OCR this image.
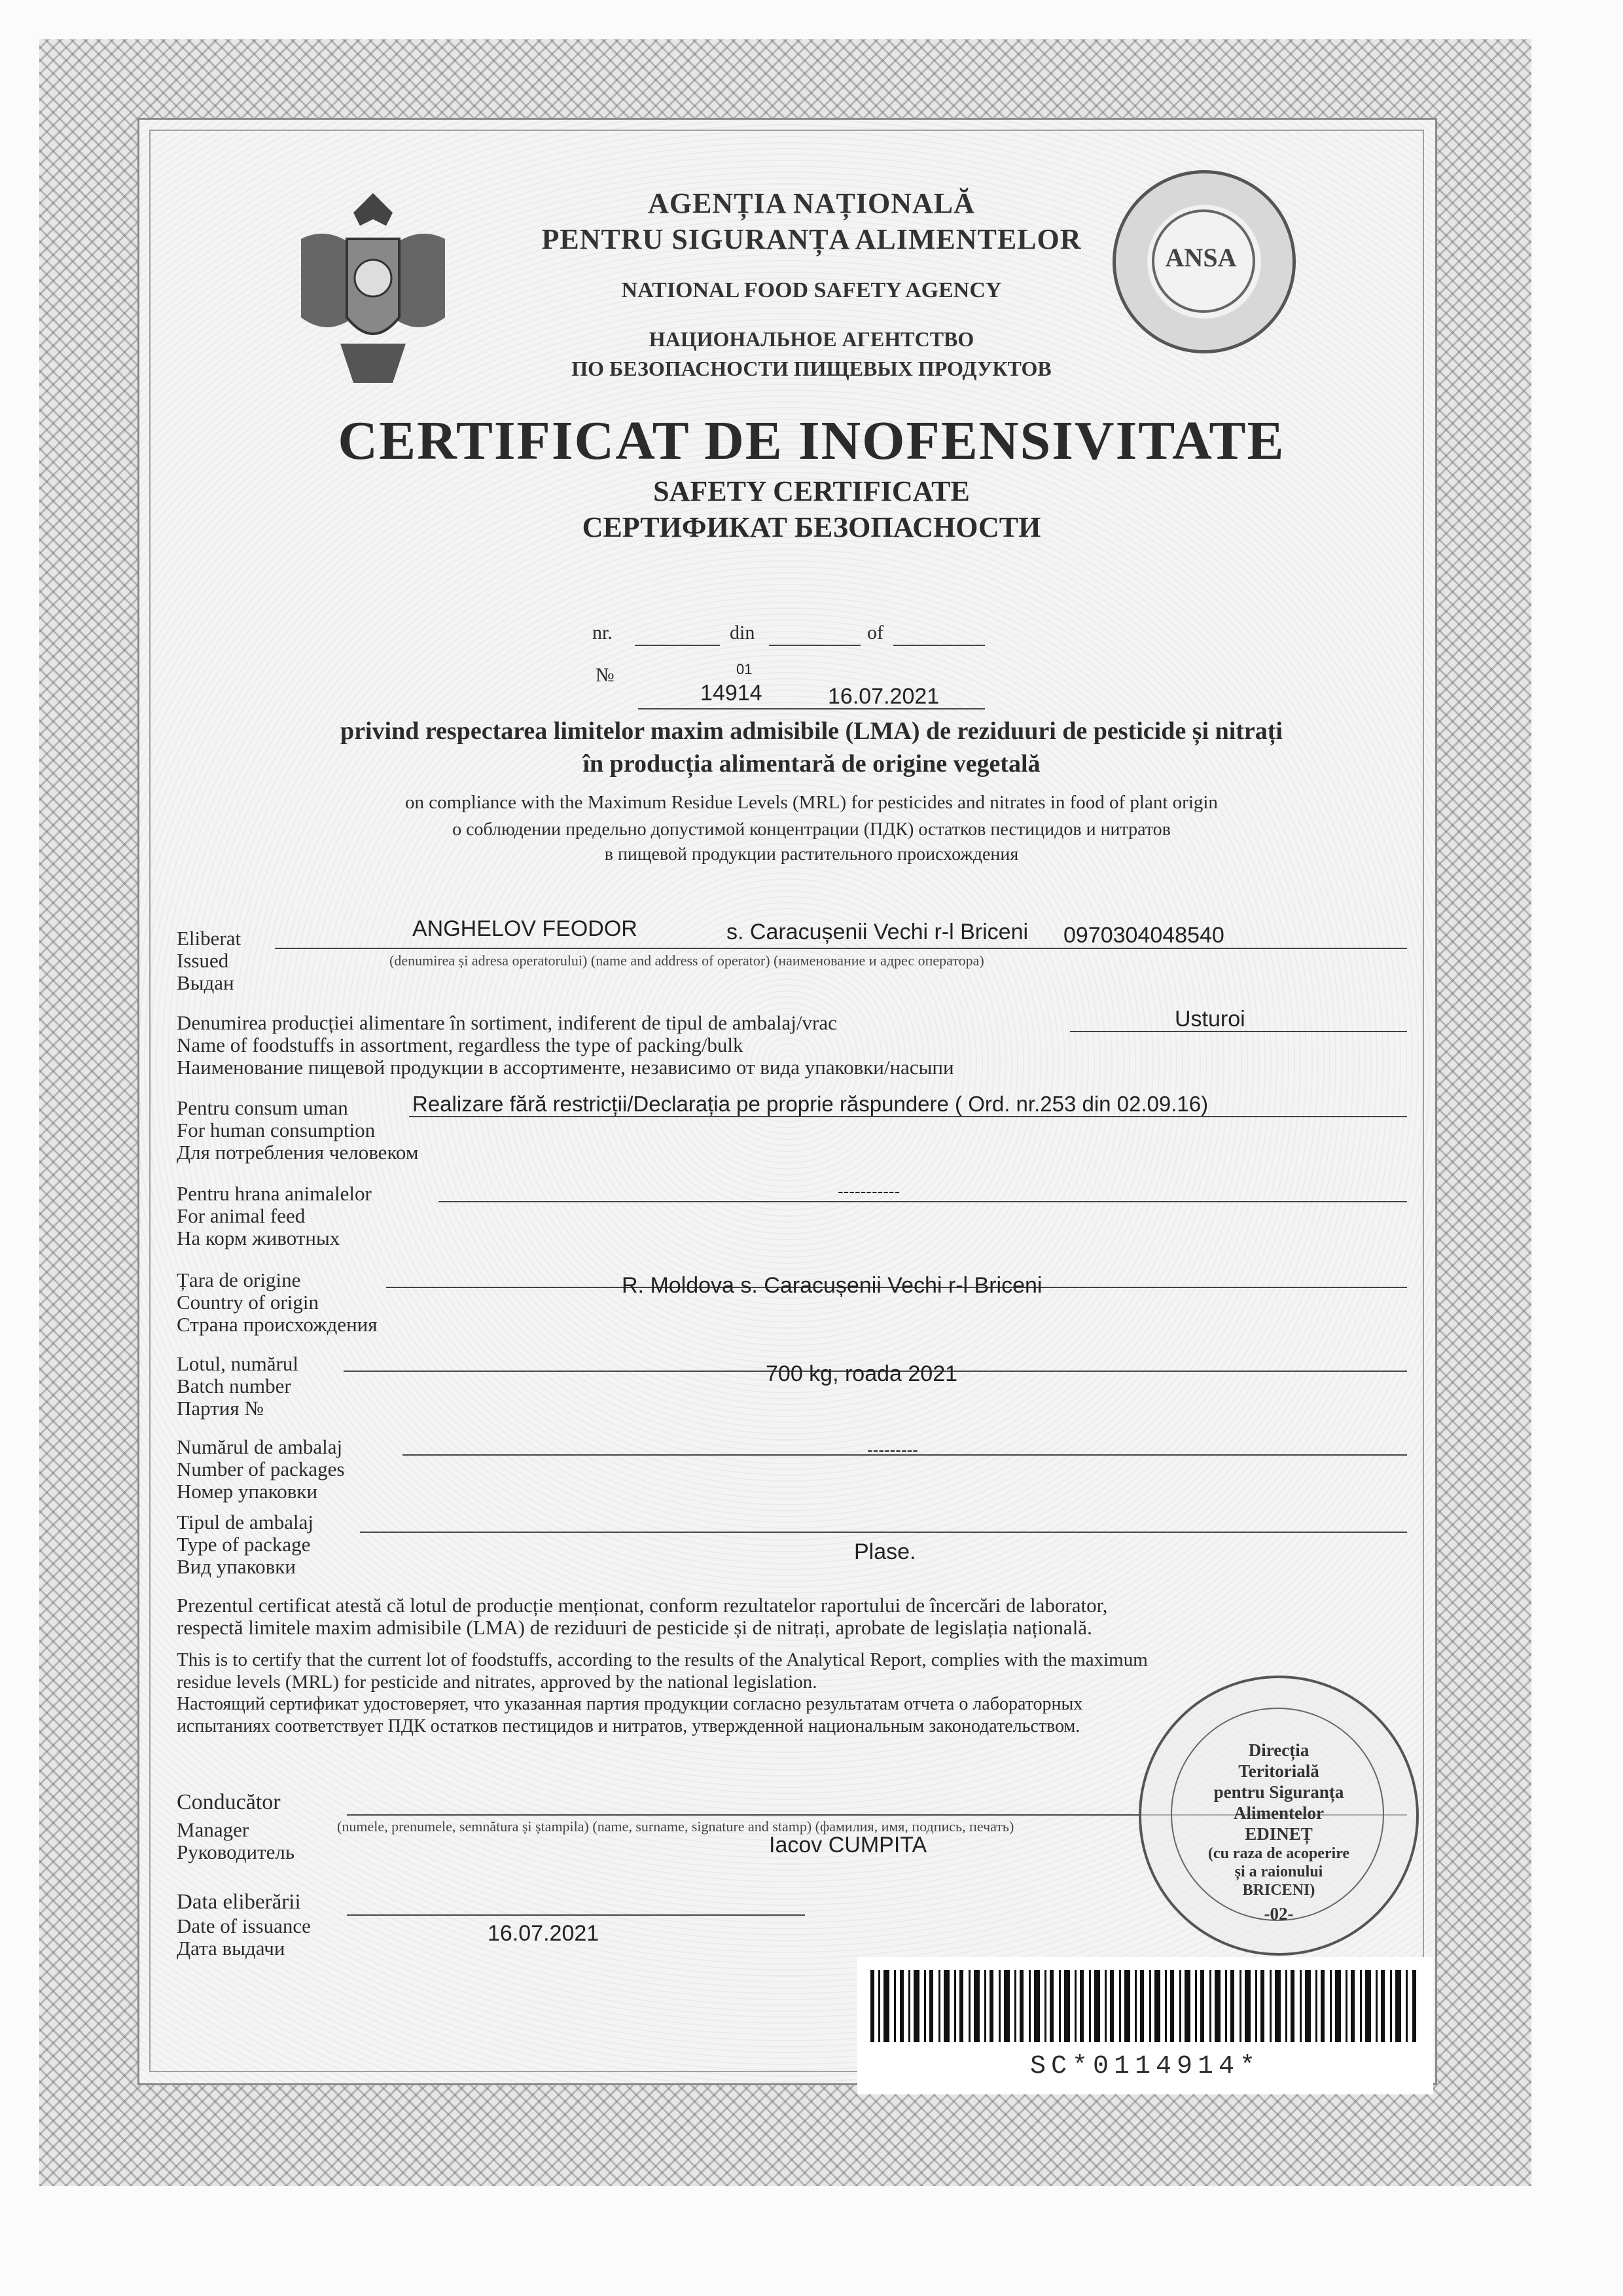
ANSA
AGENȚIA NAȚIONALĂ
PENTRU SIGURANȚA ALIMENTELOR
NATIONAL FOOD SAFETY AGENCY
НАЦИОНАЛЬНОЕ АГЕНТСТВО
ПО БЕЗОПАСНОСТИ ПИЩЕВЫХ ПРОДУКТОВ
CERTIFICAT DE INOFENSIVITATE
SAFETY CERTIFICATE
СЕРТИФИКАТ БЕЗОПАСНОСТИ
nr.	din	of
№	01
14914	16.07.2021
privind respectarea limitelor maxim admisibile (LMA) de reziduuri de pesticide și nitrați
în producția alimentară de origine vegetală
on compliance with the Maximum Residue Levels (MRL) for pesticides and nitrates in food of plant origin
о соблюдении предельно допустимой концентрации (ПДК) остатков пестицидов и нитратов
в пищевой продукции растительного происхождения
Eliberat
Issued
Выдан
ANGHELOV FEODOR	s. Caracușenii Vechi r-l Briceni 0970304048540
(denumirea și adresa operatorului) (name and address of operator) (наименование и адрес оператора)
Denumirea producției alimentare în sortiment, indiferent de tipul de ambalaj/vrac
Name of foodstuffs in assortment, regardless the type of packing/bulk
Наименование пищевой продукции в ассортименте, независимо от вида упаковки/насыпи
Usturoi
Pentru consum uman
For human consumption
Для потребления человеком
Realizare fără restricții/Declarația pe proprie răspundere ( Ord. nr.253 din 02.09.16)
Pentru hrana animalelor
For animal feed
На корм животных
-----------
Țara de origine
Country of origin
Страна происхождения
R. Moldova s. Caracușenii Vechi r-l Briceni
Lotul, numărul
Batch number
Партия №
700 kg, roada 2021
Numărul de ambalaj
Number of packages
Номер упаковки
---------
Tipul de ambalaj
Type of package
Вид упаковки
Plase.
Prezentul certificat atestă că lotul de producție menționat, conform rezultatelor raportului de încercări de laborator,
respectă limitele maxim admisibile (LMA) de reziduuri de pesticide și de nitrați, aprobate de legislația națională.
This is to certify that the current lot of foodstuffs, according to the results of the Analytical Report, complies with the maximum
residue levels (MRL) for pesticide and nitrates, approved by the national legislation.
Настоящий сертификат удостоверяет, что указанная партия продукции согласно результатам отчета о лабораторных
испытаниях соответствует ПДК остатков пестицидов и нитратов, утвержденной национальным законодательством.
Conducător
Manager
Руководитель
(numele, prenumele, semnătura și ștampila) (name, surname, signature and stamp) (фамилия, имя, подпись, печать)
Iacov CUMPITA
Data eliberării
Date of issuance
Дата выдачи
16.07.2021
Direcția
Teritorială
pentru Siguranța
Alimentelor
EDINEȚ
(cu raza de acoperire
și a raionului
BRICENI)
-02-
SC*0114914*
